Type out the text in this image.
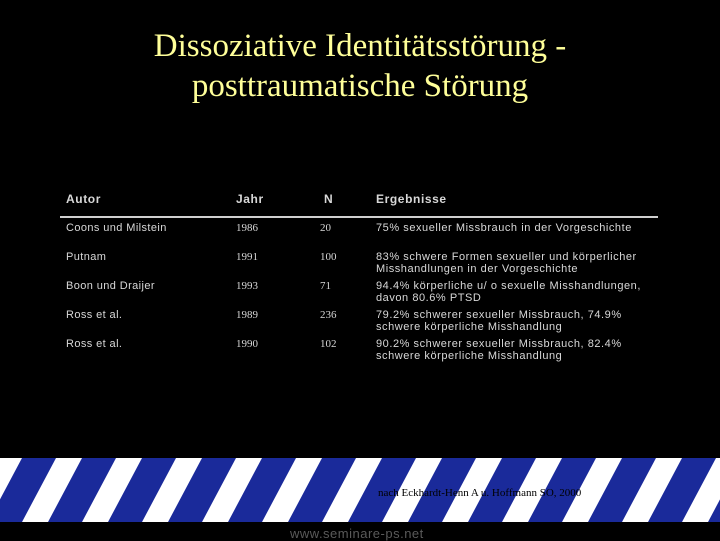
Dissoziative Identitätsstörung -
posttraumatische Störung
Autor	Jahr	N	Ergebnisse
Coons und Milstein	1986	20	75% sexueller Missbrauch in der Vorgeschichte
Putnam	1991	100	83% schwere Formen sexueller und körperlicher
Misshandlungen in der Vorgeschichte
Boon und Draijer	1993	71	94.4% körperliche u/ o sexuelle Misshandlungen,
davon 80.6% PTSD
Ross et al.	1989	236	79.2% schwerer sexueller Missbrauch, 74.9%
schwere körperliche Misshandlung
Ross et al.	1990	102	90.2% schwerer sexueller Missbrauch, 82.4%
schwere körperliche Misshandlung
nach Eckhardt-Henn A u. Hoffmann SO, 2000
www.seminare-ps.net
